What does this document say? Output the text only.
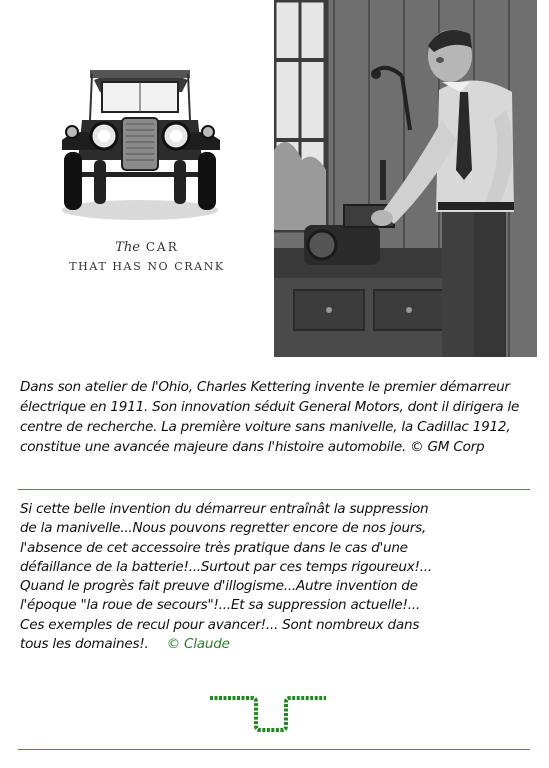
The CAR
THAT HAS NO CRANK

Dans son atelier de l'Ohio, Charles Kettering invente le premier démarreur électrique en 1911. Son innovation séduit General Motors, dont il dirigera le centre de recherche. La première voiture sans manivelle, la Cadillac 1912, constitue une avancée majeure dans l'histoire automobile. © GM Corp

Si cette belle invention du démarreur entraînât la suppression
de la manivelle...Nous pouvons regretter encore de nos jours,
l'absence de cet accessoire très pratique dans le cas d'une
défaillance de la batterie!...Surtout par ces temps rigoureux!...
Quand le progrès fait preuve d'illogisme...Autre invention de
l'époque "la roue de secours"!...Et sa suppression actuelle!...
Ces exemples de recul pour avancer!... Sont nombreux dans
tous les domaines!. © Claude
